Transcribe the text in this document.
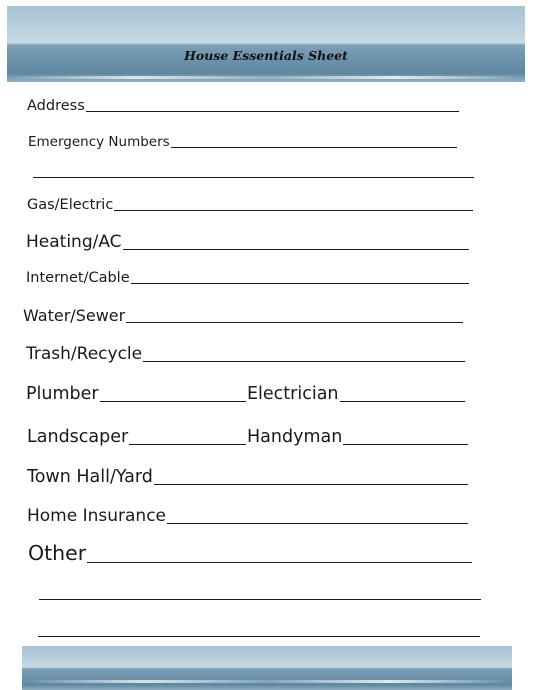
House Essentials Sheet
Address
Emergency Numbers
Gas/Electric
Heating/AC
Internet/Cable
Water/Sewer
Trash/Recycle
Plumber	Electrician
Landscaper	Handyman
Town Hall/Yard
Home Insurance
Other
